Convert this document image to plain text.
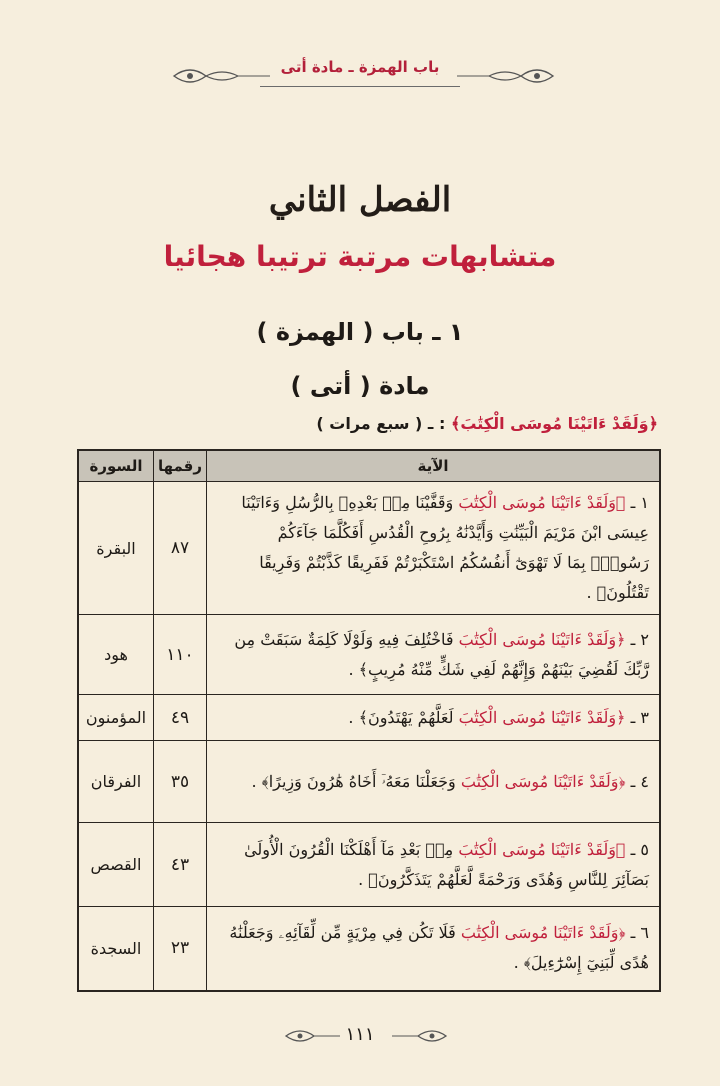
باب الهمزة ـ مادة أتى
الفصل الثاني
متشابهات مرتبة ترتيبا هجائيا
١ ـ باب ( الهمزة )
مادة ( أتى )
﴿وَلَقَدْ ءَاتَيْنَا مُوسَى الْكِتَٰبَ﴾ : ـ ( سبع مرات )
الآية	رقمها	السورة
١ ـ ﴿وَلَقَدْ ءَاتَيْنَا مُوسَى الْكِتَٰبَ وَقَفَّيْنَا مِنۢ بَعْدِهِۦ بِالرُّسُلِ وَءَاتَيْنَا عِيسَى ابْنَ مَرْيَمَ الْبَيِّنَٰتِ وَأَيَّدْنَٰهُ بِرُوحِ الْقُدُسِ أَفَكُلَّمَا جَآءَكُمْ رَسُولٌۢ بِمَا لَا تَهْوَىٰٓ أَنفُسُكُمُ اسْتَكْبَرْتُمْ فَفَرِيقًا كَذَّبْتُمْ وَفَرِيقًا تَقْتُلُونَ﴾ .	٨٧	البقرة
٢ ـ ﴿وَلَقَدْ ءَاتَيْنَا مُوسَى الْكِتَٰبَ فَاخْتُلِفَ فِيهِ وَلَوْلَا كَلِمَةٌ سَبَقَتْ مِن رَّبِّكَ لَقُضِيَ بَيْنَهُمْ وَإِنَّهُمْ لَفِي شَكٍّ مِّنْهُ مُرِيبٍ﴾ .	١١٠	هود
٣ ـ ﴿وَلَقَدْ ءَاتَيْنَا مُوسَى الْكِتَٰبَ لَعَلَّهُمْ يَهْتَدُونَ﴾ .	٤٩	المؤمنون
٤ ـ ﴿وَلَقَدْ ءَاتَيْنَا مُوسَى الْكِتَٰبَ وَجَعَلْنَا مَعَهُۥٓ أَخَاهُ هَٰرُونَ وَزِيرًا﴾ .	٣٥	الفرقان
٥ ـ ﴿وَلَقَدْ ءَاتَيْنَا مُوسَى الْكِتَٰبَ مِنۢ بَعْدِ مَآ أَهْلَكْنَا الْقُرُونَ الْأُولَىٰ بَصَآئِرَ لِلنَّاسِ وَهُدًى وَرَحْمَةً لَّعَلَّهُمْ يَتَذَكَّرُونَ﴾ .	٤٣	القصص
٦ ـ ﴿وَلَقَدْ ءَاتَيْنَا مُوسَى الْكِتَٰبَ فَلَا تَكُن فِي مِرْيَةٍ مِّن لِّقَآئِهِۦ وَجَعَلْنَٰهُ هُدًى لِّبَنِيٓ إِسْرَٰٓءِيلَ﴾ .	٢٣	السجدة
١١١
